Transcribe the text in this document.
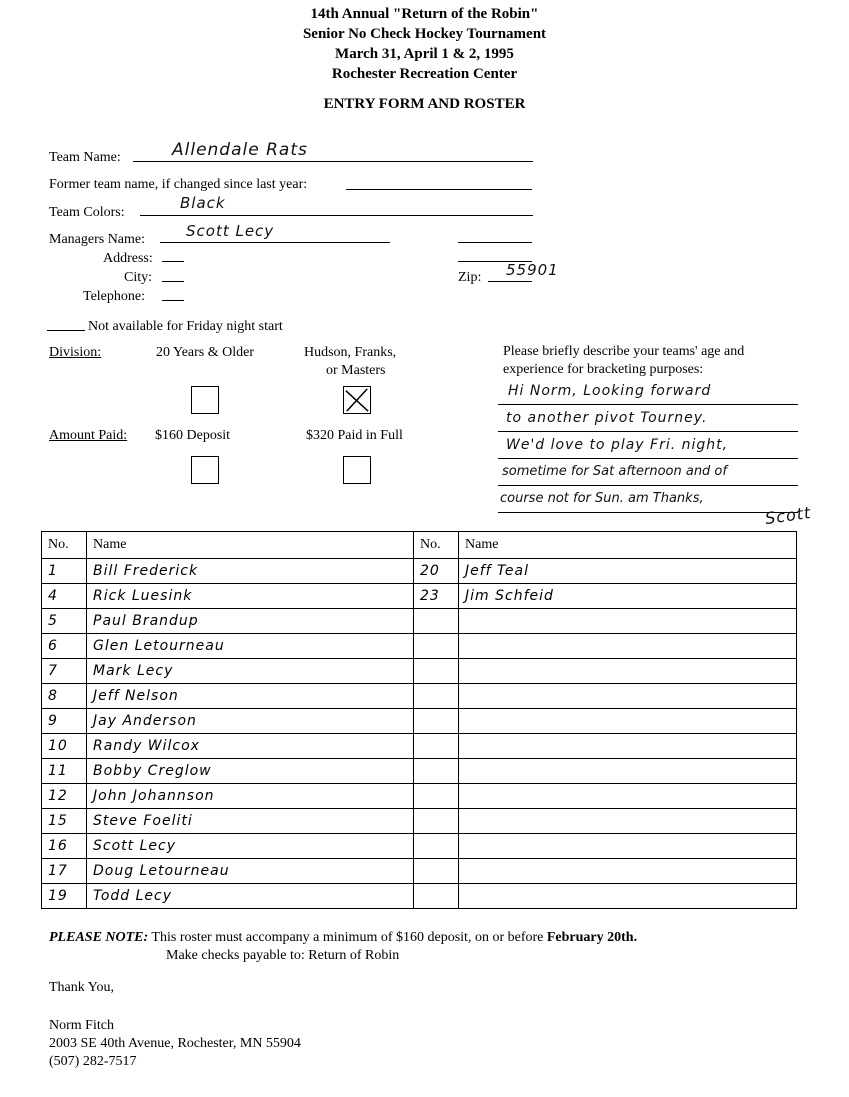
14th Annual "Return of the Robin"
Senior No Check Hockey Tournament
March 31, April 1 & 2, 1995
Rochester Recreation Center
ENTRY FORM AND ROSTER
Team Name:	Allendale Rats
Former team name, if changed since last year:
Team Colors:
Black
Managers Name:	Scott Lecy
Address:
City:	Zip: 55901
Telephone:
Not available for Friday night start
Division:	20 Years & Older	Hudson, Franks,
or Masters
Amount Paid: $160 Deposit	$320 Paid in Full
Please briefly describe your teams' age and
experience for bracketing purposes:
Hi Norm, Looking forward
to another pivot Tourney.
We'd love to play Fri. night,
sometime for Sat afternoon and of
course not for Sun. am Thanks,
Scott
No.	Name	No.	Name
1	Bill Frederick	20	Jeff Teal
4	Rick Luesink	23	Jim Schfeid
5	Paul Brandup		
6	Glen Letourneau		
7	Mark Lecy		
8	Jeff Nelson		
9	Jay Anderson		
10	Randy Wilcox		
11	Bobby Creglow		
12	John Johannson		
15	Steve Foeliti		
16	Scott Lecy		
17	Doug Letourneau		
19	Todd Lecy		
PLEASE NOTE: This roster must accompany a minimum of $160 deposit, on or before February 20th.
Make checks payable to: Return of Robin
Thank You,
Norm Fitch
2003 SE 40th Avenue, Rochester, MN 55904
(507) 282-7517
